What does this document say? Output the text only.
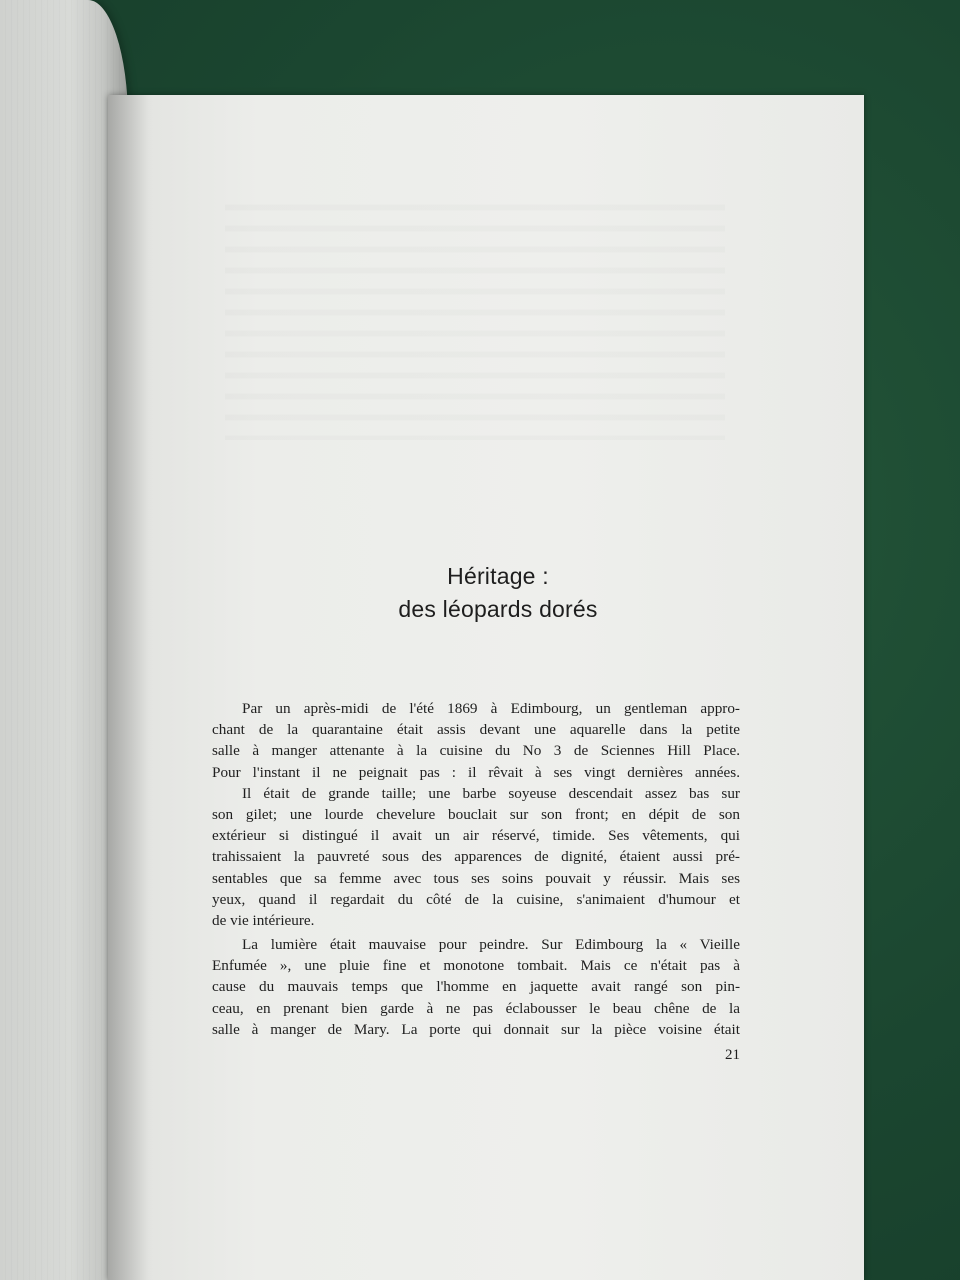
Héritage :
des léopards dorés
Par un après-midi de l'été 1869 à Edimbourg, un gentleman appro-
chant de la quarantaine était assis devant une aquarelle dans la petite
salle à manger attenante à la cuisine du No 3 de Sciennes Hill Place.
Pour l'instant il ne peignait pas : il rêvait à ses vingt dernières années.
Il était de grande taille; une barbe soyeuse descendait assez bas sur
son gilet; une lourde chevelure bouclait sur son front; en dépit de son
extérieur si distingué il avait un air réservé, timide. Ses vêtements, qui
trahissaient la pauvreté sous des apparences de dignité, étaient aussi pré-
sentables que sa femme avec tous ses soins pouvait y réussir. Mais ses
yeux, quand il regardait du côté de la cuisine, s'animaient d'humour et
de vie intérieure.
La lumière était mauvaise pour peindre. Sur Edimbourg la « Vieille
Enfumée », une pluie fine et monotone tombait. Mais ce n'était pas à
cause du mauvais temps que l'homme en jaquette avait rangé son pin-
ceau, en prenant bien garde à ne pas éclabousser le beau chêne de la
salle à manger de Mary. La porte qui donnait sur la pièce voisine était
21
